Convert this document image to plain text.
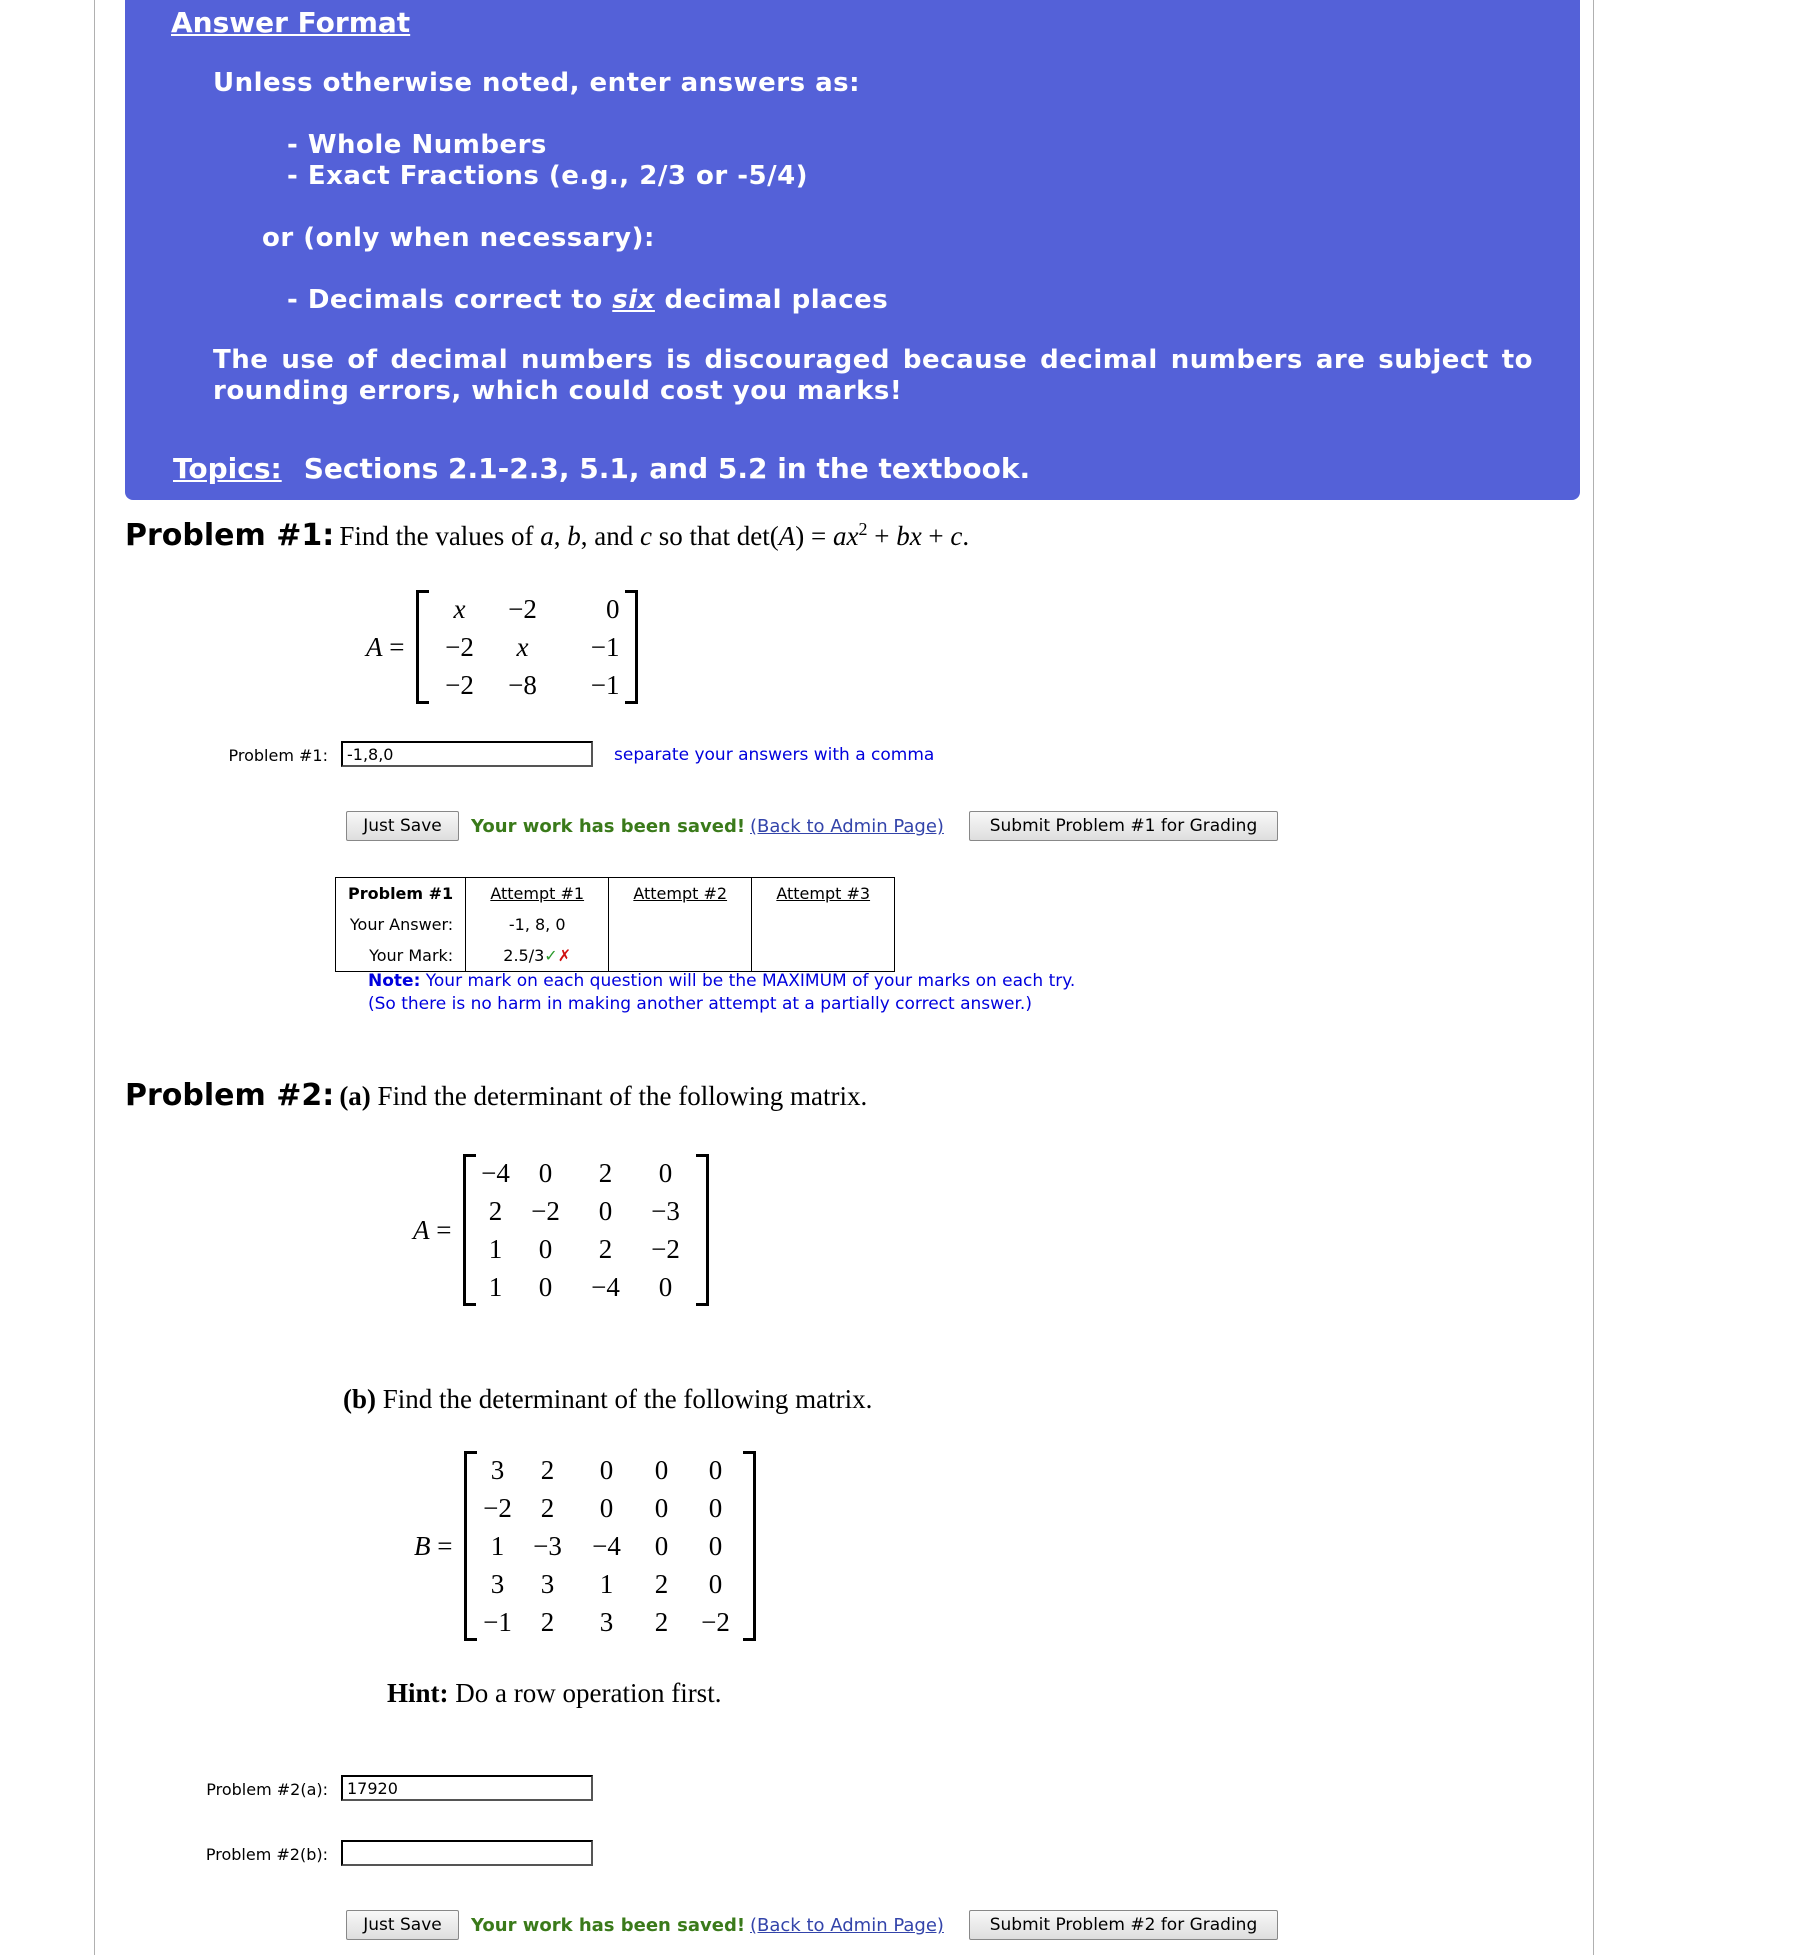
Answer Format
Unless otherwise noted, enter answers as:
- Whole Numbers
- Exact Fractions (e.g., 2/3 or -5/4)
or (only when necessary):
- Decimals correct to six decimal places
The use of decimal numbers is discouraged because decimal numbers are subject to rounding errors, which could cost you marks!
Topics: Sections 2.1-2.3, 5.1, and 5.2 in the textbook.
Problem #1: Find the values of a, b, and c so that $\det(A) = ax^2$ + bx + c.
A =
x	−2	0
−2	x	−1
−2	−8	−1
Problem #1:
-1,8,0	separate your answers with a comma
Just Save	Your work has been saved! (Back to Admin Page)	Submit Problem #1 for Grading
Problem #1	Attempt #1	Attempt #2	Attempt #3
Your Answer:	-1, 8, 0		
Your Mark:	2.5/3✓✗		
Note: Your mark on each question will be the MAXIMUM of your marks on each try.
(So there is no harm in making another attempt at a partially correct answer.)
Problem #2: (a) Find the determinant of the following matrix.
A =
−4	0	2	0
2	−2	0	−3
1	0	2	−2
1	0	−4	0
(b) Find the determinant of the following matrix.
B =
3	2	0	0	0
−2	2	0	0	0
1	−3	−4	0	0
3	3	1	2	0
−1	2	3	2	−2
Hint: Do a row operation first.
Problem #2(a):
17920
Problem #2(b):
Just Save	Your work has been saved! (Back to Admin Page)	Submit Problem #2 for Grading
